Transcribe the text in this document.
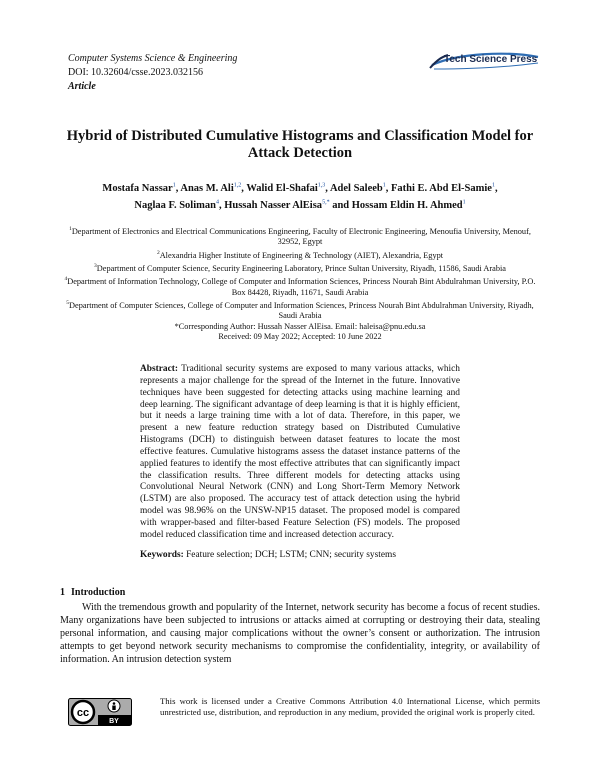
Computer Systems Science & Engineering
DOI: 10.32604/csse.2023.032156
Article
Tech Science Press
Hybrid of Distributed Cumulative Histograms and Classification Model for Attack Detection
Mostafa Nassar$^1$, Anas M. Ali$^{1,2}$, Walid El-Shafai$^{1,3}$, Adel Saleeb$^1$, Fathi E. Abd El-Samie$^1$,
Naglaa F. Soliman$^4$, Hussah Nasser AlEisa$^{5,*}$ and Hossam Eldin H. Ahmed$^1$
$^1$Department of Electronics and Electrical Communications Engineering, Faculty of Electronic Engineering, Menoufia University, Menouf, 32952, Egypt
$^2$Alexandria Higher Institute of Engineering & Technology (AIET), Alexandria, Egypt
$^3$Department of Computer Science, Security Engineering Laboratory, Prince Sultan University, Riyadh, 11586, Saudi Arabia
$^4$Department of Information Technology, College of Computer and Information Sciences, Princess Nourah Bint Abdulrahman University, P.O. Box 84428, Riyadh, 11671, Saudi Arabia
$^5$Department of Computer Sciences, College of Computer and Information Sciences, Princess Nourah Bint Abdulrahman University, Riyadh, Saudi Arabia
*Corresponding Author: Hussah Nasser AlEisa. Email: haleisa@pnu.edu.sa
Received: 09 May 2022; Accepted: 10 June 2022
Abstract: Traditional security systems are exposed to many various attacks, which represents a major challenge for the spread of the Internet in the future. Innovative techniques have been suggested for detecting attacks using machine learning and deep learning. The significant advantage of deep learning is that it is highly efficient, but it needs a large training time with a lot of data. Therefore, in this paper, we present a new feature reduction strategy based on Distributed Cumulative Histograms (DCH) to distinguish between dataset features to locate the most effective features. Cumulative histograms assess the dataset instance patterns of the applied features to identify the most effective attributes that can significantly impact the classification results. Three different models for detecting attacks using Convolutional Neural Network (CNN) and Long Short-Term Memory Network (LSTM) are also proposed. The accuracy test of attack detection using the hybrid model was 98.96% on the UNSW-NP15 dataset. The proposed model is compared with wrapper-based and filter-based Feature Selection (FS) models. The proposed model reduced classification time and increased detection accuracy.
Keywords: Feature selection; DCH; LSTM; CNN; security systems
1 Introduction
With the tremendous growth and popularity of the Internet, network security has become a focus of recent studies. Many organizations have been subjected to intrusions or attacks aimed at corrupting or destroying their data, stealing personal information, and causing major complications without the owner’s consent or authorization. The intrusion attempts to get beyond network security mechanisms to compromise the confidentiality, integrity, or availability of information. An intrusion detection system
cc
BY
This work is licensed under a Creative Commons Attribution 4.0 International License, which permits unrestricted use, distribution, and reproduction in any medium, provided the original work is properly cited.
